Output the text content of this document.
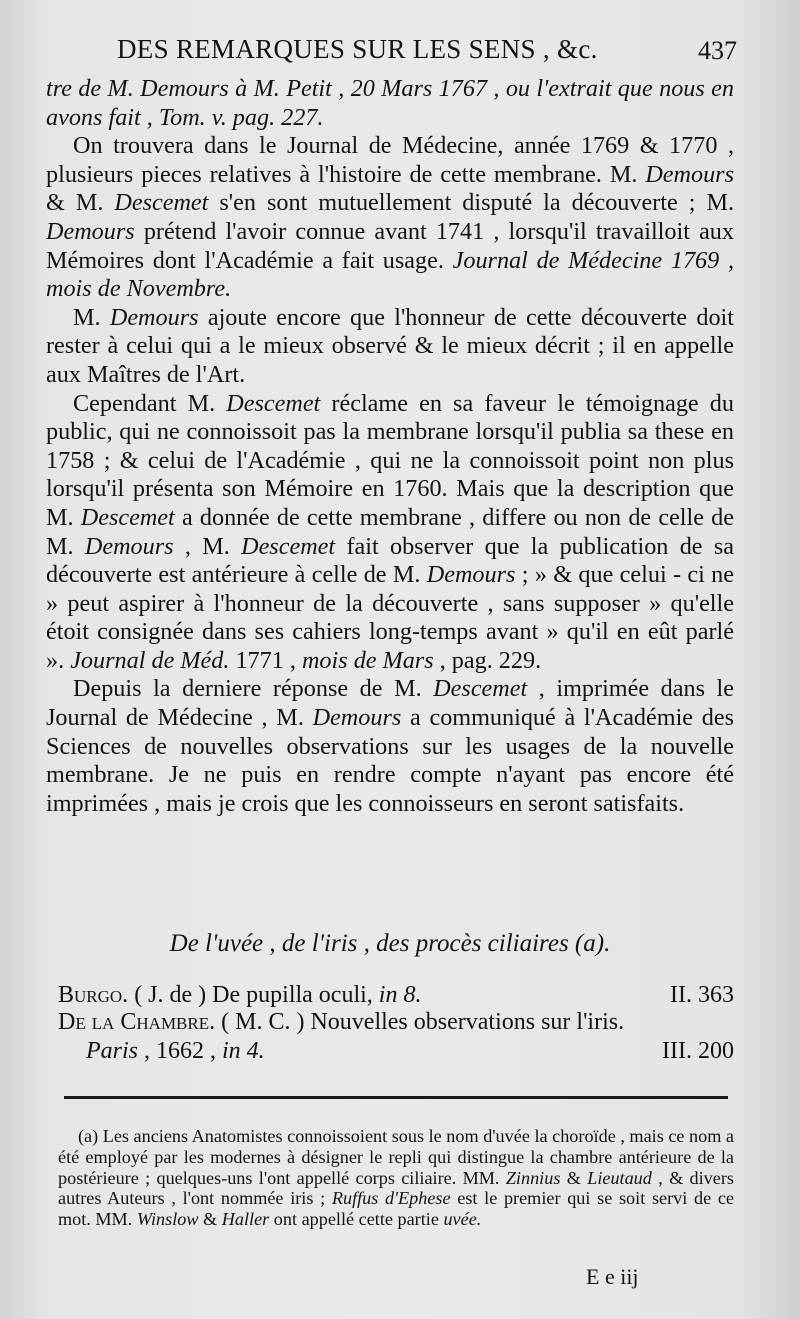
DES REMARQUES SUR LES SENS , &c.	437

tre de M. Demours à M. Petit , 20 Mars 1767 , ou l'extrait que nous en avons fait , Tom. v. pag. 227.

On trouvera dans le Journal de Médecine, année 1769 & 1770 , plusieurs pieces relatives à l'histoire de cette membrane. M. Demours & M. Descemet s'en sont mutuellement disputé la découverte ; M. Demours prétend l'avoir connue avant 1741 , lorsqu'il travailloit aux Mémoires dont l'Académie a fait usage. Journal de Médecine 1769 , mois de Novembre.

M. Demours ajoute encore que l'honneur de cette découverte doit rester à celui qui a le mieux observé & le mieux décrit ; il en appelle aux Maîtres de l'Art.

Cependant M. Descemet réclame en sa faveur le témoignage du public, qui ne connoissoit pas la membrane lorsqu'il publia sa these en 1758 ; & celui de l'Académie , qui ne la connoissoit point non plus lorsqu'il présenta son Mémoire en 1760. Mais que la description que M. Descemet a donnée de cette membrane , differe ou non de celle de M. Demours , M. Descemet fait observer que la publication de sa découverte est antérieure à celle de M. Demours ; » & que celui - ci ne » peut aspirer à l'honneur de la découverte , sans supposer » qu'elle étoit consignée dans ses cahiers long-temps avant » qu'il en eût parlé ». Journal de Méd. 1771 , mois de Mars , pag. 229.

Depuis la derniere réponse de M. Descemet , imprimée dans le Journal de Médecine , M. Demours a communiqué à l'Académie des Sciences de nouvelles observations sur les usages de la nouvelle membrane. Je ne puis en rendre compte n'ayant pas encore été imprimées , mais je crois que les connoisseurs en seront satisfaits.

De l'uvée , de l'iris , des procès ciliaires (a).
Burgo. ( J. de ) De pupilla oculi, in 8.	II. 363
De la Chambre. ( M. C. ) Nouvelles observations sur l'iris.
Paris , 1662 , in 4.	III. 200
(a) Les anciens Anatomistes connoissoient sous le nom d'uvée la choroïde , mais ce nom a été employé par les modernes à désigner le repli qui distingue la chambre antérieure de la postérieure ; quelques-uns l'ont appellé corps ciliaire. MM. Zinnius & Lieutaud , & divers autres Auteurs , l'ont nommée iris ; Ruffus d'Ephese est le premier qui se soit servi de ce mot. MM. Winslow & Haller ont appellé cette partie uvée.
E e iij
